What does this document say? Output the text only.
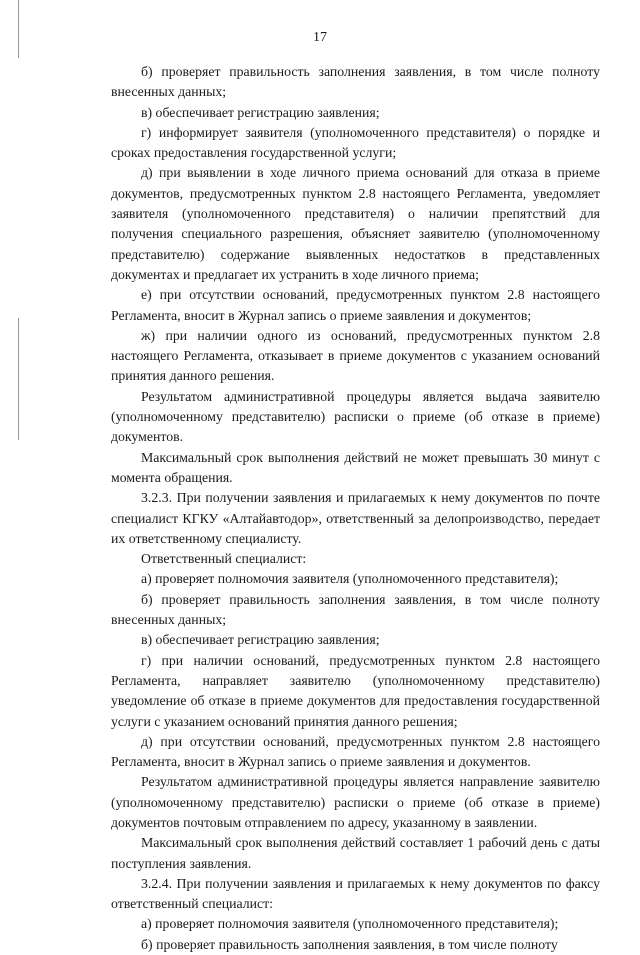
17

б) проверяет правильность заполнения заявления, в том числе полноту внесенных данных;

в) обеспечивает регистрацию заявления;

г) информирует заявителя (уполномоченного представителя) о порядке и сроках предоставления государственной услуги;

д) при выявлении в ходе личного приема оснований для отказа в приеме документов, предусмотренных пунктом 2.8 настоящего Регламента, уведомляет заявителя (уполномоченного представителя) о наличии препятствий для получения специального разрешения, объясняет заявителю (уполномоченному представителю) содержание выявленных недостатков в представленных документах и предлагает их устранить в ходе личного приема;

е) при отсутствии оснований, предусмотренных пунктом 2.8 настоящего Регламента, вносит в Журнал запись о приеме заявления и документов;

ж) при наличии одного из оснований, предусмотренных пунктом 2.8 настоящего Регламента, отказывает в приеме документов с указанием оснований принятия данного решения.

Результатом административной процедуры является выдача заявителю (уполномоченному представителю) расписки о приеме (об отказе в приеме) документов.

Максимальный срок выполнения действий не может превышать 30 минут с момента обращения.

3.2.3. При получении заявления и прилагаемых к нему документов по почте специалист КГКУ «Алтайавтодор», ответственный за делопроизводство, передает их ответственному специалисту.

Ответственный специалист:

а) проверяет полномочия заявителя (уполномоченного представителя);

б) проверяет правильность заполнения заявления, в том числе полноту внесенных данных;

в) обеспечивает регистрацию заявления;

г) при наличии оснований, предусмотренных пунктом 2.8 настоящего Регламента, направляет заявителю (уполномоченному представителю) уведомление об отказе в приеме документов для предоставления государственной услуги с указанием оснований принятия данного решения;

д) при отсутствии оснований, предусмотренных пунктом 2.8 настоящего Регламента, вносит в Журнал запись о приеме заявления и документов.

Результатом административной процедуры является направление заявителю (уполномоченному представителю) расписки о приеме (об отказе в приеме) документов почтовым отправлением по адресу, указанному в заявлении.

Максимальный срок выполнения действий составляет 1 рабочий день с даты поступления заявления.

3.2.4. При получении заявления и прилагаемых к нему документов по факсу ответственный специалист:

а) проверяет полномочия заявителя (уполномоченного представителя);

б) проверяет правильность заполнения заявления, в том числе полноту
